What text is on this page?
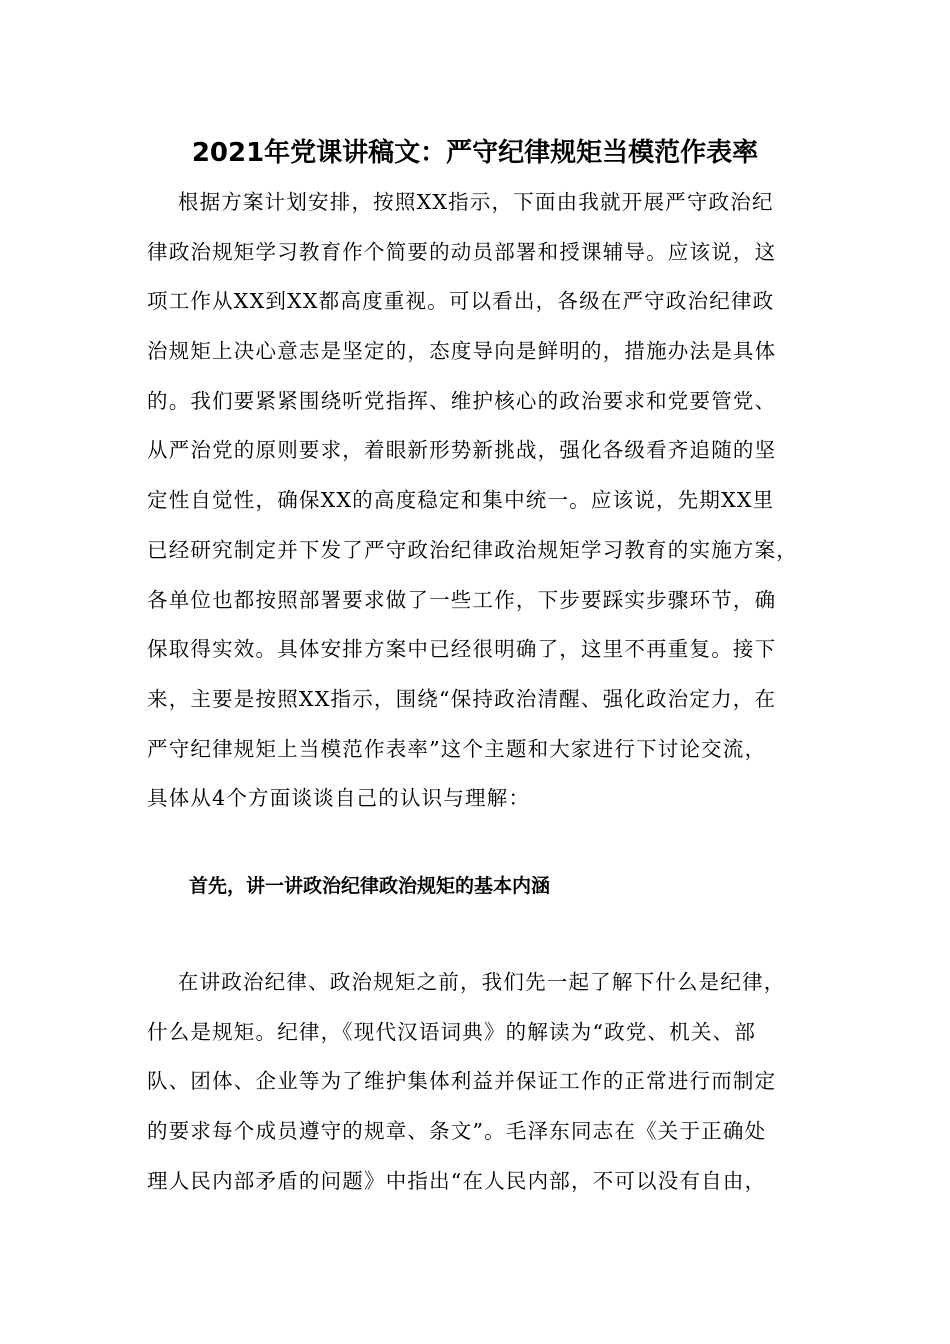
2021年党课讲稿文：严守纪律规矩当模范作表率
根据方案计划安排，按照XX指示，下面由我就开展严守政治纪
律政治规矩学习教育作个简要的动员部署和授课辅导。应该说，这
项工作从XX到XX都高度重视。可以看出，各级在严守政治纪律政
治规矩上决心意志是坚定的，态度导向是鲜明的，措施办法是具体
的。我们要紧紧围绕听党指挥、维护核心的政治要求和党要管党、
从严治党的原则要求，着眼新形势新挑战，强化各级看齐追随的坚
定性自觉性，确保XX的高度稳定和集中统一。应该说，先期XX里
已经研究制定并下发了严守政治纪律政治规矩学习教育的实施方案，
各单位也都按照部署要求做了一些工作，下步要踩实步骤环节，确
保取得实效。具体安排方案中已经很明确了，这里不再重复。接下
来，主要是按照XX指示，围绕“保持政治清醒、强化政治定力，在
严守纪律规矩上当模范作表率”这个主题和大家进行下讨论交流，
具体从4个方面谈谈自己的认识与理解：
首先，讲一讲政治纪律政治规矩的基本内涵
在讲政治纪律、政治规矩之前，我们先一起了解下什么是纪律，
什么是规矩。纪律，《现代汉语词典》的解读为“政党、机关、部
队、团体、企业等为了维护集体利益并保证工作的正常进行而制定
的要求每个成员遵守的规章、条文”。毛泽东同志在《关于正确处
理人民内部矛盾的问题》中指出“在人民内部，不可以没有自由，
